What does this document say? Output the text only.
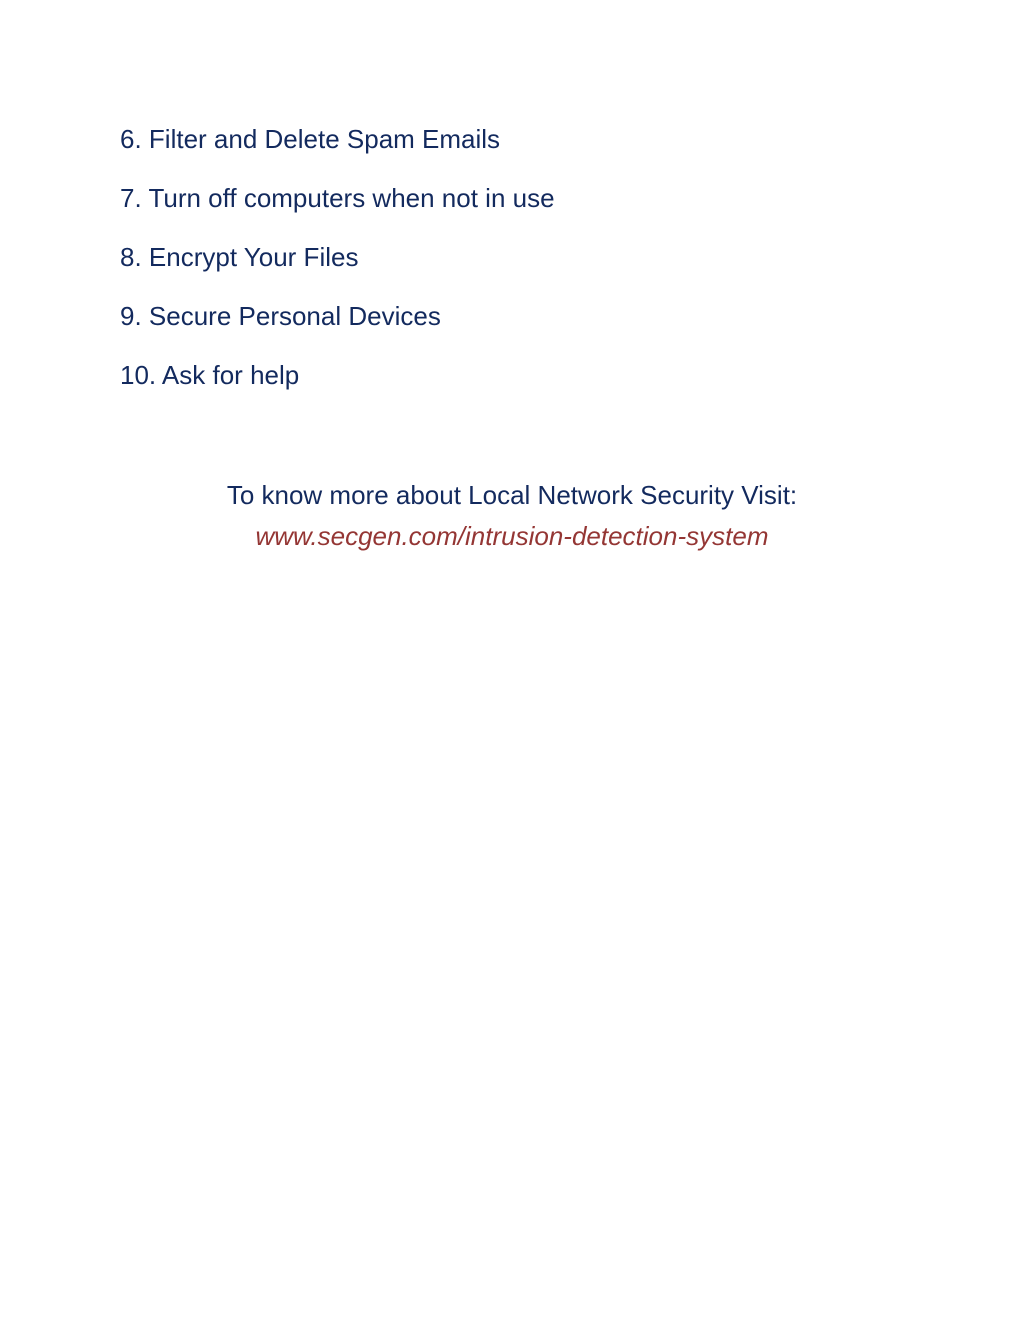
6. Filter and Delete Spam Emails
7. Turn off computers when not in use
8. Encrypt Your Files
9. Secure Personal Devices
10. Ask for help
To know more about Local Network Security Visit:
www.secgen.com/intrusion-detection-system
